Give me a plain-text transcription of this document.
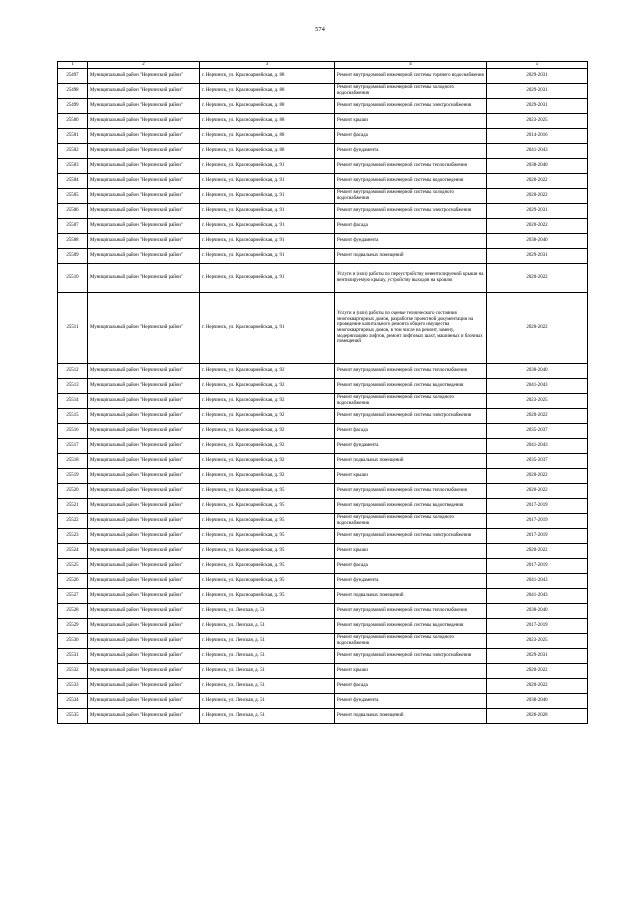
574
1	2	3	4	5
25497	Муниципальный район "Нерчинский район"	г. Нерчинск, ул. Красноармейская, д. 88	Ремонт внутридомовой инженерной системы горячего водоснабжения	2029-2031
25498	Муниципальный район "Нерчинский район"	г. Нерчинск, ул. Красноармейская, д. 88	Ремонт внутридомовой инженерной системы холодного водоснабжения	2029-2031
25499	Муниципальный район "Нерчинский район"	г. Нерчинск, ул. Красноармейская, д. 88	Ремонт внутридомовой инженерной системы электроснабжения	2029-2031
25500	Муниципальный район "Нерчинский район"	г. Нерчинск, ул. Красноармейская, д. 88	Ремонт крыши	2023-2025
25501	Муниципальный район "Нерчинский район"	г. Нерчинск, ул. Красноармейская, д. 88	Ремонт фасада	2014-2016
25502	Муниципальный район "Нерчинский район"	г. Нерчинск, ул. Красноармейская, д. 88	Ремонт фундамента	2041-2043
25503	Муниципальный район "Нерчинский район"	г. Нерчинск, ул. Красноармейская, д. 91	Ремонт внутридомовой инженерной системы теплоснабжения	2038-2040
25504	Муниципальный район "Нерчинский район"	г. Нерчинск, ул. Красноармейская, д. 91	Ремонт внутридомовой инженерной системы водоотведения	2020-2022
25505	Муниципальный район "Нерчинский район"	г. Нерчинск, ул. Красноармейская, д. 91	Ремонт внутридомовой инженерной системы холодного водоснабжения	2020-2022
25506	Муниципальный район "Нерчинский район"	г. Нерчинск, ул. Красноармейская, д. 91	Ремонт внутридомовой инженерной системы электроснабжения	2029-2031
25507	Муниципальный район "Нерчинский район"	г. Нерчинск, ул. Красноармейская, д. 91	Ремонт фасада	2020-2022
25508	Муниципальный район "Нерчинский район"	г. Нерчинск, ул. Красноармейская, д. 91	Ремонт фундамента	2038-2040
25509	Муниципальный район "Нерчинский район"	г. Нерчинск, ул. Красноармейская, д. 91	Ремонт подвальных помещений	2029-2031
25510	Муниципальный район "Нерчинский район"	г. Нерчинск, ул. Красноармейская, д. 91	Услуги и (или) работы по переустройству невентилируемой крыши на вентилируемую крышу, устройству выходов на кровлю	2020-2022
25511	Муниципальный район "Нерчинский район"	г. Нерчинск, ул. Красноармейская, д. 91	Услуги и (или) работы по оценке технического состояния многоквартирных домов, разработке проектной документации на проведение капитального ремонта общего имущества многоквартирных домов, в том числе на ремонт, замену, модернизацию лифтов, ремонт лифтовых шахт, машинных и блочных помещений	2020-2022
25512	Муниципальный район "Нерчинский район"	г. Нерчинск, ул. Красноармейская, д. 92	Ремонт внутридомовой инженерной системы теплоснабжения	2038-2040
25513	Муниципальный район "Нерчинский район"	г. Нерчинск, ул. Красноармейская, д. 92	Ремонт внутридомовой инженерной системы водоотведения	2041-2043
25514	Муниципальный район "Нерчинский район"	г. Нерчинск, ул. Красноармейская, д. 92	Ремонт внутридомовой инженерной системы холодного водоснабжения	2023-2025
25515	Муниципальный район "Нерчинский район"	г. Нерчинск, ул. Красноармейская, д. 92	Ремонт внутридомовой инженерной системы электроснабжения	2020-2022
25516	Муниципальный район "Нерчинский район"	г. Нерчинск, ул. Красноармейская, д. 92	Ремонт фасада	2035-2037
25517	Муниципальный район "Нерчинский район"	г. Нерчинск, ул. Красноармейская, д. 92	Ремонт фундамента	2041-2043
25518	Муниципальный район "Нерчинский район"	г. Нерчинск, ул. Красноармейская, д. 92	Ремонт подвальных помещений	2035-2037
25519	Муниципальный район "Нерчинский район"	г. Нерчинск, ул. Красноармейская, д. 92	Ремонт крыши	2020-2022
25520	Муниципальный район "Нерчинский район"	г. Нерчинск, ул. Красноармейская, д. 95	Ремонт внутридомовой инженерной системы теплоснабжения	2020-2022
25521	Муниципальный район "Нерчинский район"	г. Нерчинск, ул. Красноармейская, д. 95	Ремонт внутридомовой инженерной системы водоотведения	2017-2019
25522	Муниципальный район "Нерчинский район"	г. Нерчинск, ул. Красноармейская, д. 95	Ремонт внутридомовой инженерной системы холодного водоснабжения	2017-2019
25523	Муниципальный район "Нерчинский район"	г. Нерчинск, ул. Красноармейская, д. 95	Ремонт внутридомовой инженерной системы электроснабжения	2017-2019
25524	Муниципальный район "Нерчинский район"	г. Нерчинск, ул. Красноармейская, д. 95	Ремонт крыши	2020-2022
25525	Муниципальный район "Нерчинский район"	г. Нерчинск, ул. Красноармейская, д. 95	Ремонт фасада	2017-2019
25526	Муниципальный район "Нерчинский район"	г. Нерчинск, ул. Красноармейская, д. 95	Ремонт фундамента	2041-2043
25527	Муниципальный район "Нерчинский район"	г. Нерчинск, ул. Красноармейская, д. 95	Ремонт подвальных помещений	2041-2043
25528	Муниципальный район "Нерчинский район"	г. Нерчинск, ул. Ленская, д. 51	Ремонт внутридомовой инженерной системы теплоснабжения	2038-2040
25529	Муниципальный район "Нерчинский район"	г. Нерчинск, ул. Ленская, д. 51	Ремонт внутридомовой инженерной системы водоотведения	2017-2019
25530	Муниципальный район "Нерчинский район"	г. Нерчинск, ул. Ленская, д. 51	Ремонт внутридомовой инженерной системы холодного водоснабжения	2023-2025
25531	Муниципальный район "Нерчинский район"	г. Нерчинск, ул. Ленская, д. 51	Ремонт внутридомовой инженерной системы электроснабжения	2029-2031
25532	Муниципальный район "Нерчинский район"	г. Нерчинск, ул. Ленская, д. 51	Ремонт крыши	2020-2022
25533	Муниципальный район "Нерчинский район"	г. Нерчинск, ул. Ленская, д. 51	Ремонт фасада	2020-2022
25534	Муниципальный район "Нерчинский район"	г. Нерчинск, ул. Ленская, д. 51	Ремонт фундамента	2038-2040
25535	Муниципальный район "Нерчинский район"	г. Нерчинск, ул. Ленская, д. 51	Ремонт подвальных помещений	2026-2028
